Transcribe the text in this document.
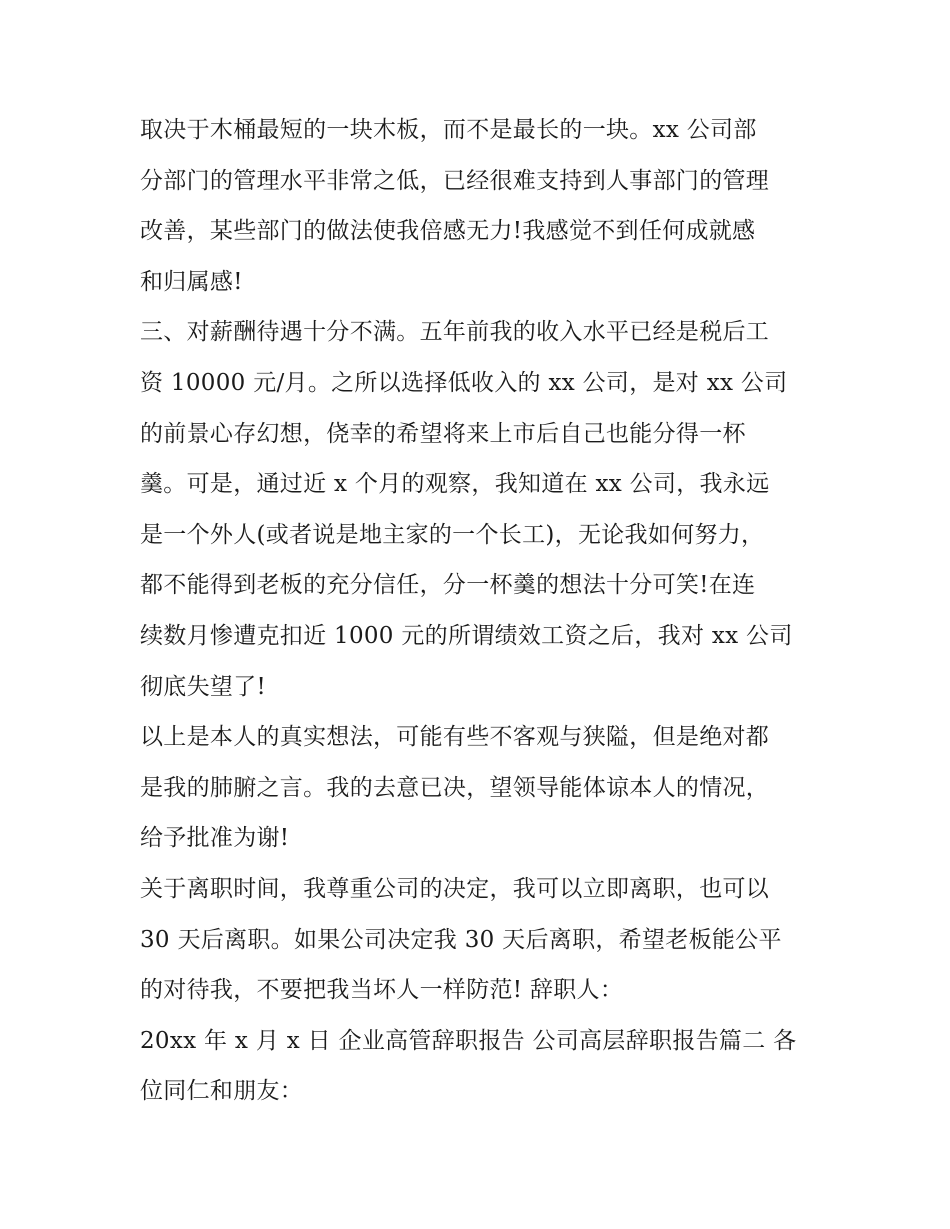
取决于木桶最短的一块木板，而不是最长的一块。xx 公司部
分部门的管理水平非常之低，已经很难支持到人事部门的管理
改善，某些部门的做法使我倍感无力!我感觉不到任何成就感
和归属感!
三、对薪酬待遇十分不满。五年前我的收入水平已经是税后工
资 10000 元/月。之所以选择低收入的 xx 公司，是对 xx 公司
的前景心存幻想，侥幸的希望将来上市后自己也能分得一杯
羹。可是，通过近 x 个月的观察，我知道在 xx 公司，我永远
是一个外人(或者说是地主家的一个长工)，无论我如何努力，
都不能得到老板的充分信任，分一杯羹的想法十分可笑!在连
续数月惨遭克扣近 1000 元的所谓绩效工资之后，我对 xx 公司
彻底失望了!
以上是本人的真实想法，可能有些不客观与狭隘，但是绝对都
是我的肺腑之言。我的去意已决，望领导能体谅本人的情况，
给予批准为谢!
关于离职时间，我尊重公司的决定，我可以立即离职，也可以
30 天后离职。如果公司决定我 30 天后离职，希望老板能公平
的对待我，不要把我当坏人一样防范! 辞职人：
20xx 年 x 月 x 日 企业高管辞职报告 公司高层辞职报告篇二 各
位同仁和朋友：
